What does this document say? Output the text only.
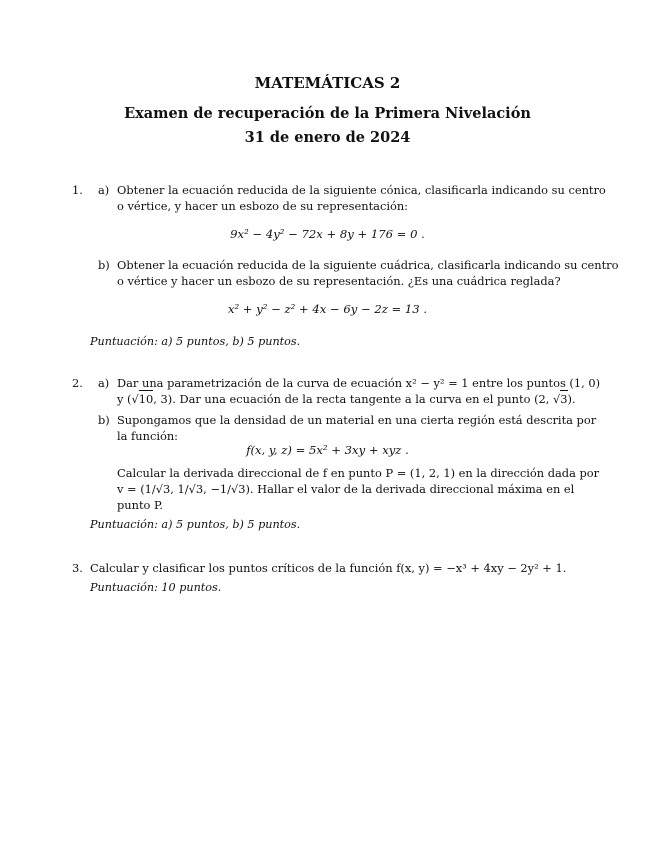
MATEMÁTICAS 2
Examen de recuperación de la Primera Nivelación
31 de enero de 2024
1. a) Obtener la ecuación reducida de la siguiente cónica, clasificarla indicando su centro
o vértice, y hacer un esbozo de su representación:
9x² − 4y² − 72x + 8y + 176 = 0 .
b) Obtener la ecuación reducida de la siguiente cuádrica, clasificarla indicando su centro
o vértice y hacer un esbozo de su representación. ¿Es una cuádrica reglada?
x² + y² − z² + 4x − 6y − 2z = 13 .
Puntuación: a) 5 puntos, b) 5 puntos.
2. a) Dar una parametrización de la curva de ecuación x² − y² = 1 entre los puntos (1, 0)
y (√10, 3). Dar una ecuación de la recta tangente a la curva en el punto (2, √3).
b) Supongamos que la densidad de un material en una cierta región está descrita por
la función:
f(x, y, z) = 5x² + 3xy + xyz .
Calcular la derivada direccional de f en punto P = (1, 2, 1) en la dirección dada por
v = (1/√3, 1/√3, −1/√3). Hallar el valor de la derivada direccional máxima en el
punto P.
Puntuación: a) 5 puntos, b) 5 puntos.
3. Calcular y clasificar los puntos críticos de la función f(x, y) = −x³ + 4xy − 2y² + 1.
Puntuación: 10 puntos.
